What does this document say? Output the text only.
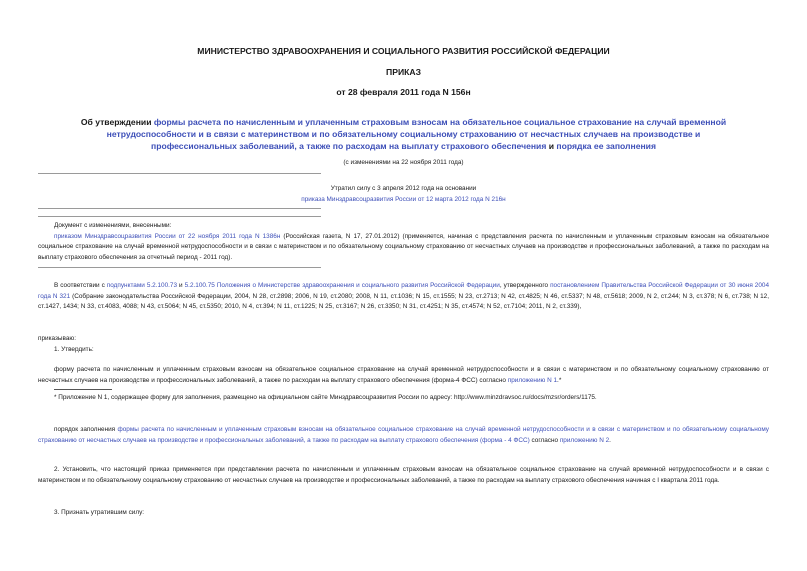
МИНИСТЕРСТВО ЗДРАВООХРАНЕНИЯ И СОЦИАЛЬНОГО РАЗВИТИЯ РОССИЙСКОЙ ФЕДЕРАЦИИ
ПРИКАЗ
от 28 февраля 2011 года N 156н
Об утверждении формы расчета по начисленным и уплаченным страховым взносам на обязательное социальное страхование на случай временной нетрудоспособности и в связи с материнством и по обязательному социальному страхованию от несчастных случаев на производстве и профессиональных заболеваний, а также по расходам на выплату страхового обеспечения и порядка ее заполнения
(с изменениями на 22 ноября 2011 года)
Утратил силу с 3 апреля 2012 года на основании
приказа Минздравсоцразвития России от 12 марта 2012 года N 216н
Документ с изменениями, внесенными:
приказом Минздравсоцразвития России от 22 ноября 2011 года N 1386н (Российская газета, N 17, 27.01.2012) (применяется, начиная с представления расчета по начисленным и уплаченным страховым взносам на обязательное социальное страхование на случай временной нетрудоспособности и в связи с материнством и по обязательному социальному страхованию от несчастных случаев на производстве и профессиональных заболеваний, а также по расходам на выплату страхового обеспечения за отчетный период - 2011 год).
В соответствии с подпунктами 5.2.100.73 и 5.2.100.75 Положения о Министерстве здравоохранения и социального развития Российской Федерации, утвержденного постановлением Правительства Российской Федерации от 30 июня 2004 года N 321 (Собрание законодательства Российской Федерации, 2004, N 28, ст.2898; 2006, N 19, ст.2080; 2008, N 11, ст.1036; N 15, ст.1555; N 23, ст.2713; N 42, ст.4825; N 46, ст.5337; N 48, ст.5618; 2009, N 2, ст.244; N 3, ст.378; N 6, ст.738; N 12, ст.1427, 1434; N 33, ст.4083, 4088; N 43, ст.5064; N 45, ст.5350; 2010, N 4, ст.394; N 11, ст.1225; N 25, ст.3167; N 26, ст.3350; N 31, ст.4251; N 35, ст.4574; N 52, ст.7104; 2011, N 2, ст.339),
приказываю:
1. Утвердить:
форму расчета по начисленным и уплаченным страховым взносам на обязательное социальное страхование на случай временной нетрудоспособности и в связи с материнством и по обязательному социальному страхованию от несчастных случаев на производстве и профессиональных заболеваний, а также по расходам на выплату страхового обеспечения (форма-4 ФСС) согласно приложению N 1.*
* Приложение N 1, содержащее форму для заполнения, размещено на официальном сайте Минздравсоцразвития России по адресу: http://www.minzdravsoc.ru/docs/mzsr/orders/1175.
порядок заполнения формы расчета по начисленным и уплаченным страховым взносам на обязательное социальное страхование на случай временной нетрудоспособности и в связи с материнством и по обязательному социальному страхованию от несчастных случаев на производстве и профессиональных заболеваний, а также по расходам на выплату страхового обеспечения (форма - 4 ФСС) согласно приложению N 2.
2. Установить, что настоящий приказ применяется при представлении расчета по начисленным и уплаченным страховым взносам на обязательное социальное страхование на случай временной нетрудоспособности и в связи с материнством и по обязательному социальному страхованию от несчастных случаев на производстве и профессиональных заболеваний, а также по расходам на выплату страхового обеспечения начиная с I квартала 2011 года.
3. Признать утратившим силу:
